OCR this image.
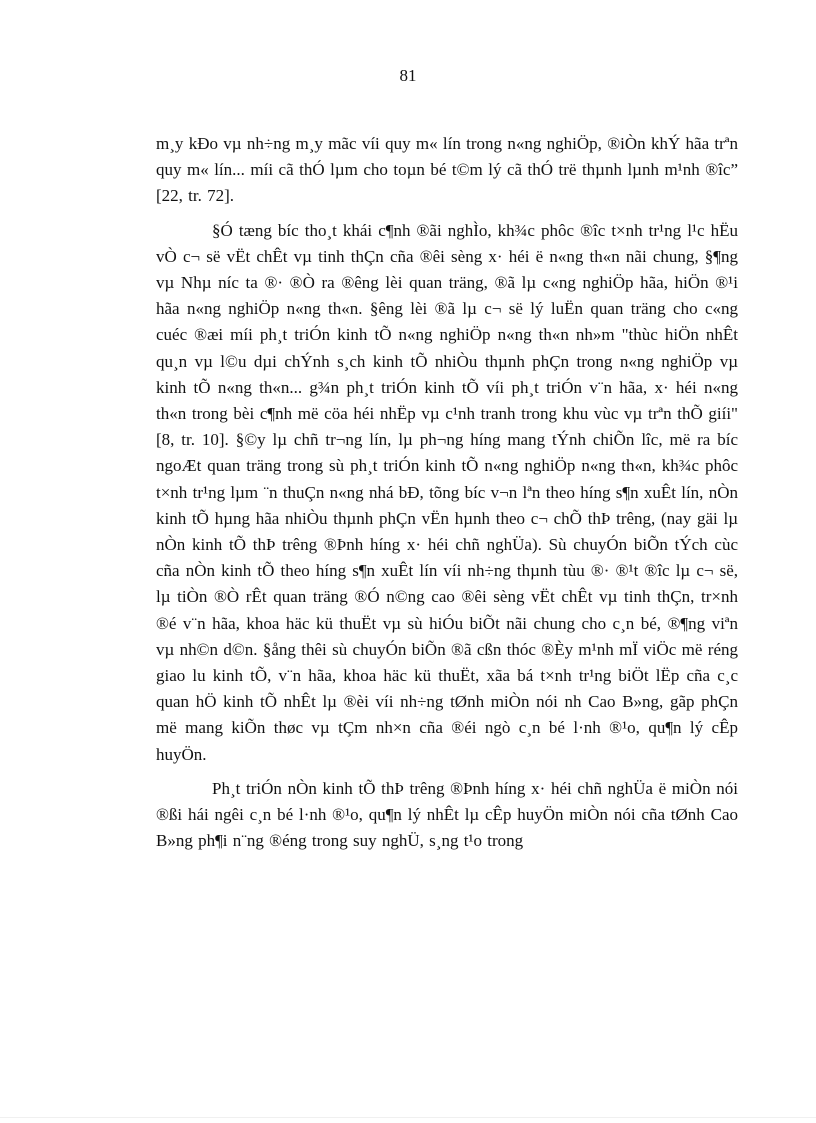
81

m¸y kÐo vµ nh÷ng m¸y mãc víi quy m« lín trong n«ng nghiÖp, ®iÒn khÝ hãa trªn quy m« lín... míi cã thÓ lµm cho toµn bé t©m lý cã thÓ trë thµnh lµnh m¹nh ®îc” [22, tr. 72].

§Ó tæng bíc tho¸t khái c¶nh ®ãi nghÌo, kh¾c phôc ®îc t×nh tr¹ng l¹c hËu vÒ c¬ së vËt chÊt vµ tinh thÇn cña ®êi sèng x· héi ë n«ng th«n nãi chung, §¶ng vµ Nhµ níc ta ®· ®Ò ra ®êng lèi quan träng, ®ã lµ c«ng nghiÖp hãa, hiÖn ®¹i hãa n«ng nghiÖp n«ng th«n. §êng lèi ®ã lµ c¬ së lý luËn quan träng cho c«ng cuéc ®æi míi ph¸t triÓn kinh tÕ n«ng nghiÖp n«ng th«n nh»m "thùc hiÖn nhÊt qu¸n vµ l©u dµi chÝnh s¸ch kinh tÕ nhiÒu thµnh phÇn trong n«ng nghiÖp vµ kinh tÕ n«ng th«n... g¾n ph¸t triÓn kinh tÕ víi ph¸t triÓn v¨n hãa, x· héi n«ng th«n trong bèi c¶nh më cöa héi nhËp vµ c¹nh tranh trong khu vùc vµ trªn thÕ giíi" [8, tr. 10]. §©y lµ chñ tr¬ng lín, lµ ph¬ng híng mang tÝnh chiÕn lîc, më ra bíc ngoÆt quan träng trong sù ph¸t triÓn kinh tÕ n«ng nghiÖp n«ng th«n, kh¾c phôc t×nh tr¹ng lµm ¨n thuÇn n«ng nhá bÐ, tõng bíc v¬n lªn theo híng s¶n xuÊt lín, nÒn kinh tÕ hµng hãa nhiÒu thµnh phÇn vËn hµnh theo c¬ chÕ thÞ trêng, (nay gäi lµ nÒn kinh tÕ thÞ trêng ®Þnh híng x· héi chñ nghÜa). Sù chuyÓn biÕn tÝch cùc cña nÒn kinh tÕ theo híng s¶n xuÊt lín víi nh÷ng thµnh tùu ®· ®¹t ®îc lµ c¬ së, lµ tiÒn ®Ò rÊt quan träng ®Ó n©ng cao ®êi sèng vËt chÊt vµ tinh thÇn, tr×nh ®é v¨n hãa, khoa häc kü thuËt vµ sù hiÓu biÕt nãi chung cho c¸n bé, ®¶ng viªn vµ nh©n d©n. §ång thêi sù chuyÓn biÕn ®ã cßn thóc ®Èy m¹nh mÏ viÖc më réng giao lu kinh tÕ, v¨n hãa, khoa häc kü thuËt, xãa bá t×nh tr¹ng biÖt lËp cña c¸c quan hÖ kinh tÕ nhÊt lµ ®èi víi nh÷ng tØnh miÒn nói nh Cao B»ng, gãp phÇn më mang kiÕn thøc vµ tÇm nh×n cña ®éi ngò c¸n bé l·nh ®¹o, qu¶n lý cÊp huyÖn.

Ph¸t triÓn nÒn kinh tÕ thÞ trêng ®Þnh híng x· héi chñ nghÜa ë miÒn nói ®ßi hái ngêi c¸n bé l·nh ®¹o, qu¶n lý nhÊt lµ cÊp huyÖn miÒn nói cña tØnh Cao B»ng ph¶i n¨ng ®éng trong suy nghÜ, s¸ng t¹o trong
